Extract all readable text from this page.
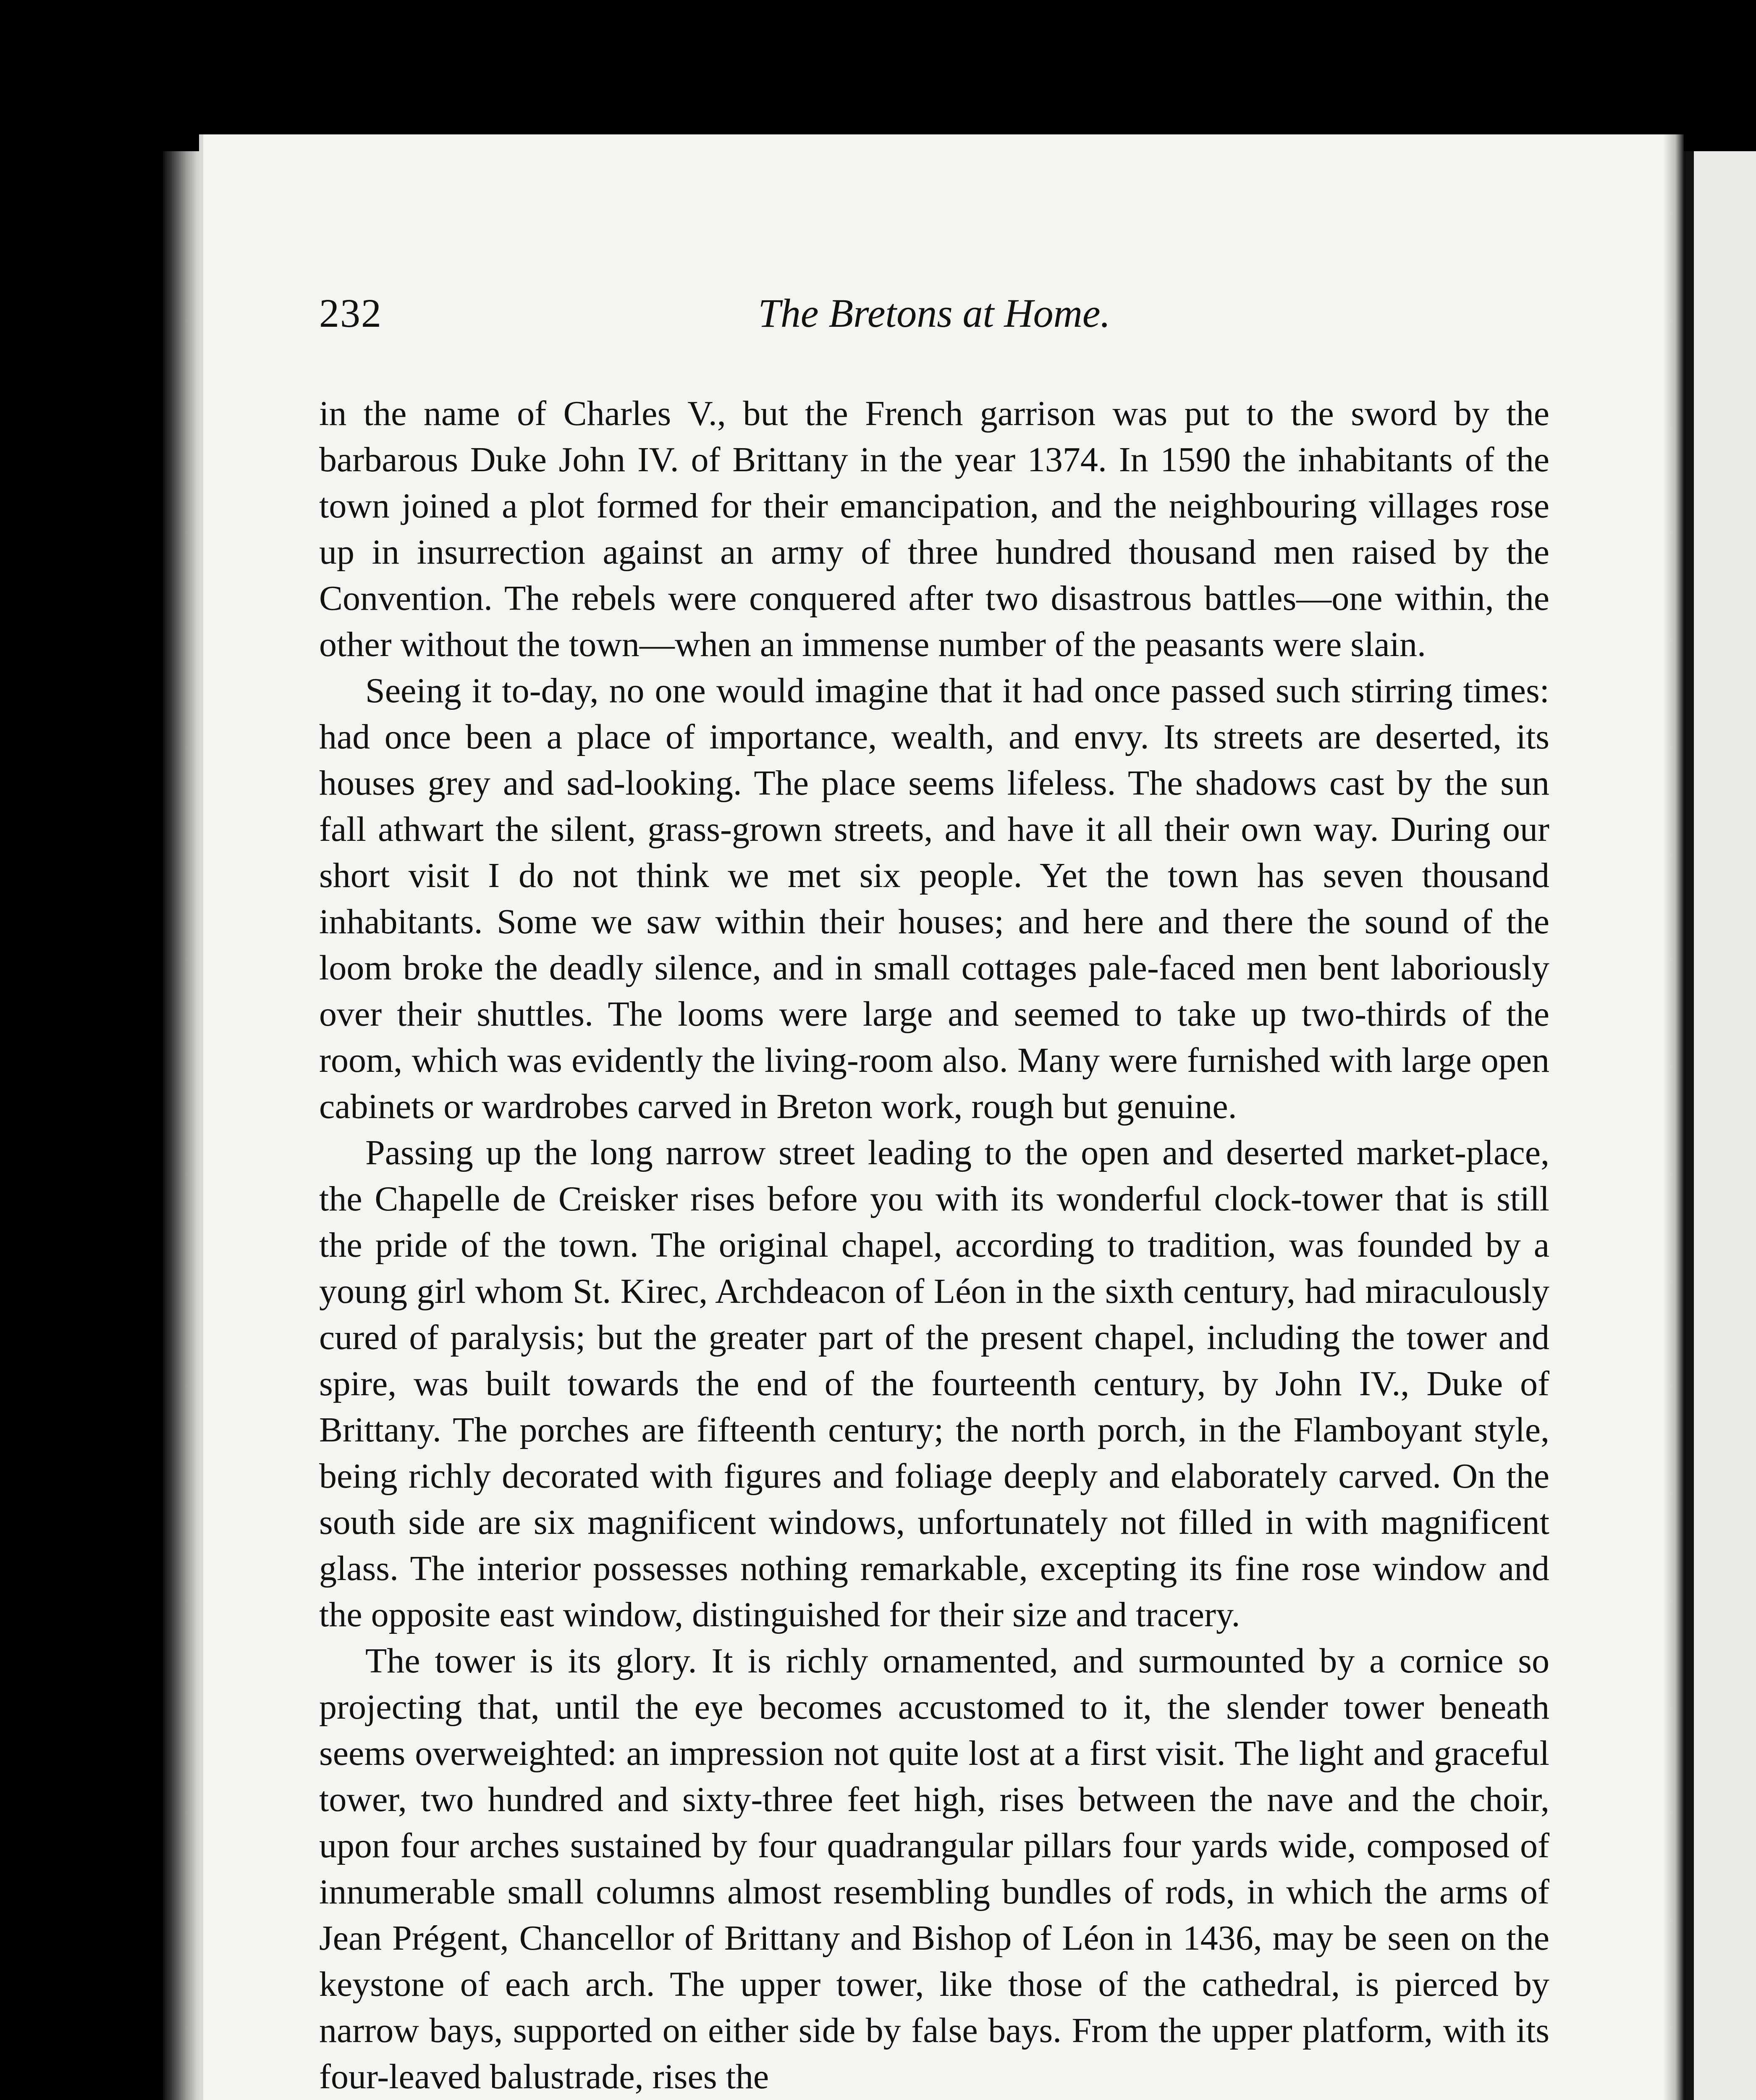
232	The Bretons at Home.

in the name of Charles V., but the French garrison was put to the sword by the barbarous Duke John IV. of Brittany in the year 1374. In 1590 the inhabitants of the town joined a plot formed for their emancipation, and the neighbouring villages rose up in insurrection against an army of three hundred thousand men raised by the Convention. The rebels were conquered after two disastrous battles—one within, the other without the town—when an immense number of the peasants were slain.

Seeing it to-day, no one would imagine that it had once passed such stirring times: had once been a place of importance, wealth, and envy. Its streets are deserted, its houses grey and sad-looking. The place seems lifeless. The shadows cast by the sun fall athwart the silent, grass-grown streets, and have it all their own way. During our short visit I do not think we met six people. Yet the town has seven thousand inhabitants. Some we saw within their houses; and here and there the sound of the loom broke the deadly silence, and in small cottages pale-faced men bent laboriously over their shuttles. The looms were large and seemed to take up two-thirds of the room, which was evidently the living-room also. Many were furnished with large open cabinets or wardrobes carved in Breton work, rough but genuine.

Passing up the long narrow street leading to the open and deserted market-place, the Chapelle de Creisker rises before you with its wonderful clock-tower that is still the pride of the town. The original chapel, according to tradition, was founded by a young girl whom St. Kirec, Archdeacon of Léon in the sixth century, had miraculously cured of paralysis; but the greater part of the present chapel, including the tower and spire, was built towards the end of the fourteenth century, by John IV., Duke of Brittany. The porches are fifteenth century; the north porch, in the Flamboyant style, being richly decorated with figures and foliage deeply and elaborately carved. On the south side are six magnificent windows, unfortunately not filled in with magnificent glass. The interior possesses nothing remarkable, excepting its fine rose window and the opposite east window, distinguished for their size and tracery.

The tower is its glory. It is richly ornamented, and surmounted by a cornice so projecting that, until the eye becomes accustomed to it, the slender tower beneath seems overweighted: an impression not quite lost at a first visit. The light and graceful tower, two hundred and sixty-three feet high, rises between the nave and the choir, upon four arches sustained by four quadrangular pillars four yards wide, composed of innumerable small columns almost resembling bundles of rods, in which the arms of Jean Prégent, Chancellor of Brittany and Bishop of Léon in 1436, may be seen on the keystone of each arch. The upper tower, like those of the cathedral, is pierced by narrow bays, supported on either side by false bays. From the upper platform, with its four-leaved balustrade, rises the
